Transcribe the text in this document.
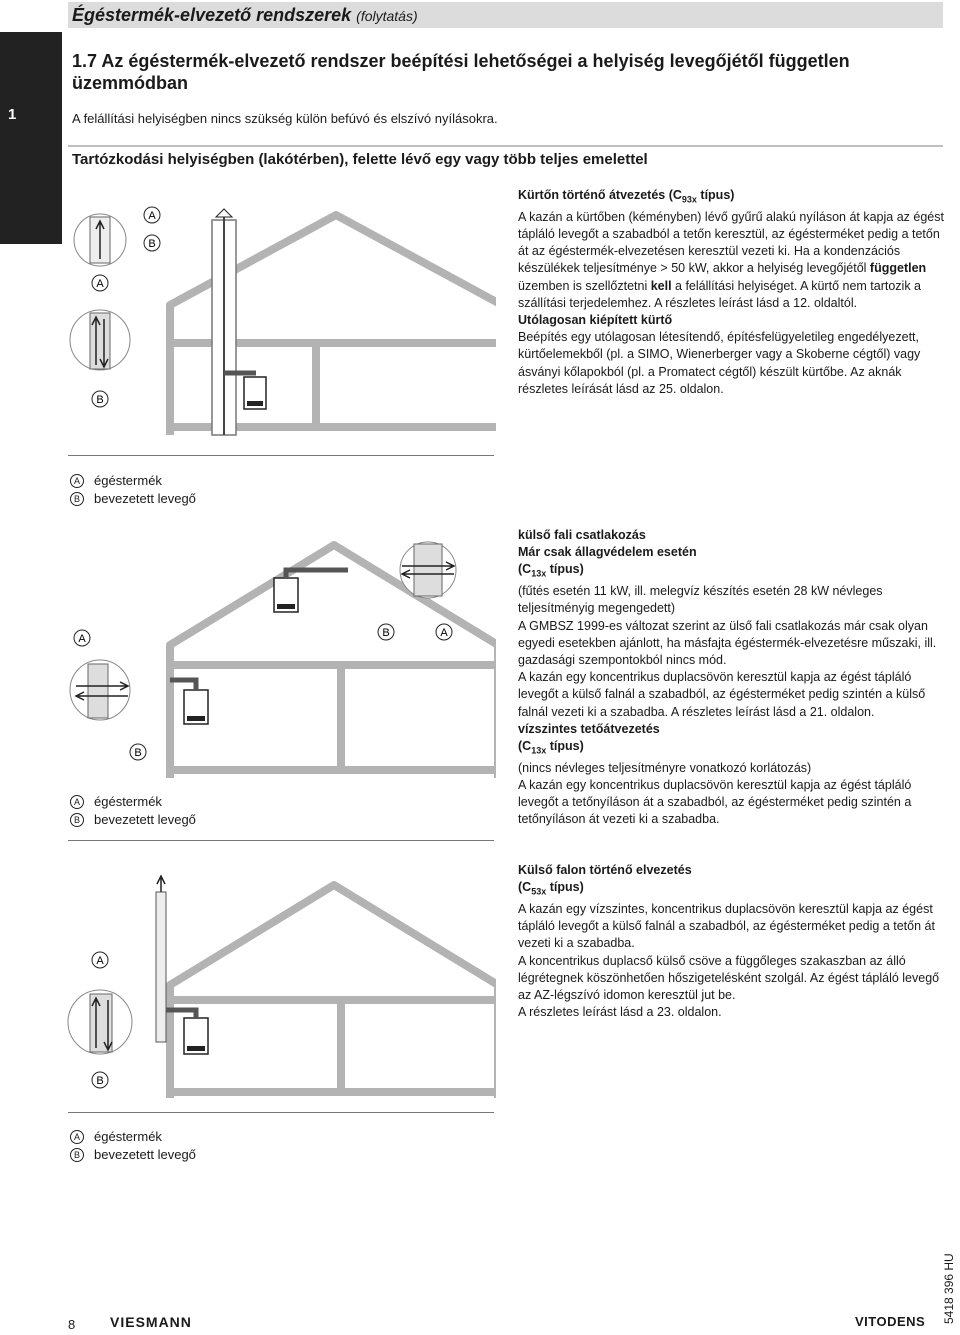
Égéstermék-elvezető rendszerek (folytatás)
1
1.7 Az égéstermék-elvezető rendszer beépítési lehetőségei a helyiség levegőjétől független üzemmódban
A felállítási helyiségben nincs szükség külön befúvó és elszívó nyílásokra.
Tartózkodási helyiségben (lakótérben), felette lévő egy vagy több teljes emelettel
A
B
A
B

Kürtőn történő átvezetés ($C_{93x}$ típus)

A kazán a kürtőben (kéményben) lévő gyűrű alakú nyíláson át kapja az égést tápláló levegőt a szabadból a tetőn keresztül, az égésterméket pedig a tetőn át az égéstermék-elvezetésen keresztül vezeti ki. Ha a kondenzációs készülékek teljesítménye > 50 kW, akkor a helyiség levegőjétől független üzemben is szellőztetni kell a felállítási helyiséget. A kürtő nem tartozik a szállítási terjedelemhez. A részletes leírást lásd a 12. oldaltól.

Utólagosan kiépített kürtő

Beépítés egy utólagosan létesítendő, építésfelügyeletileg engedélyezett, kürtőelemekből (pl. a SIMO, Wienerberger vagy a Skoberne cégtől) vagy ásványi kőlapokból (pl. a Promatect cégtől) készült kürtőbe. Az aknák részletes leírását lásd az 25. oldalon.

A	égéstermék
B	bevezetett levegő
B	A
A
B
A	égéstermék
B	bevezetett levegő

külső fali csatlakozás

Már csak állagvédelem esetén

($C_{13x}$ típus)

(fűtés esetén 11 kW, ill. melegvíz készítés esetén 28 kW névleges teljesítményig megengedett)

A GMBSZ 1999-es változat szerint az ülső fali csatlakozás már csak olyan egyedi esetekben ajánlott, ha másfajta égéstermék-elvezetésre műszaki, ill. gazdasági szempontokból nincs mód.

A kazán egy koncentrikus duplacsövön keresztül kapja az égést tápláló levegőt a külső falnál a szabadból, az égésterméket pedig szintén a külső falnál vezeti ki a szabadba. A részletes leírást lásd a 21. oldalon.

vízszintes tetőátvezetés

($C_{13x}$ típus)

(nincs névleges teljesítményre vonatkozó korlátozás)

A kazán egy koncentrikus duplacsövön keresztül kapja az égést tápláló levegőt a tetőnyíláson át a szabadból, az égésterméket pedig szintén a tetőnyíláson át vezeti ki a szabadba.

A
B

Külső falon történő elvezetés

($C_{53x}$ típus)

A kazán egy vízszintes, koncentrikus duplacsövön keresztül kapja az égést tápláló levegőt a külső falnál a szabadból, az égésterméket pedig a tetőn át vezeti ki a szabadba.

A koncentrikus duplacső külső csöve a függőleges szakaszban az álló légrétegnek köszönhetően hőszigetelésként szolgál. Az égést tápláló levegő az AZ-légszívó idomon keresztül jut be.

A részletes leírást lásd a 23. oldalon.

A	égéstermék
B	bevezetett levegő
8 VIESMANN	VITODENS 5418 396 HU
